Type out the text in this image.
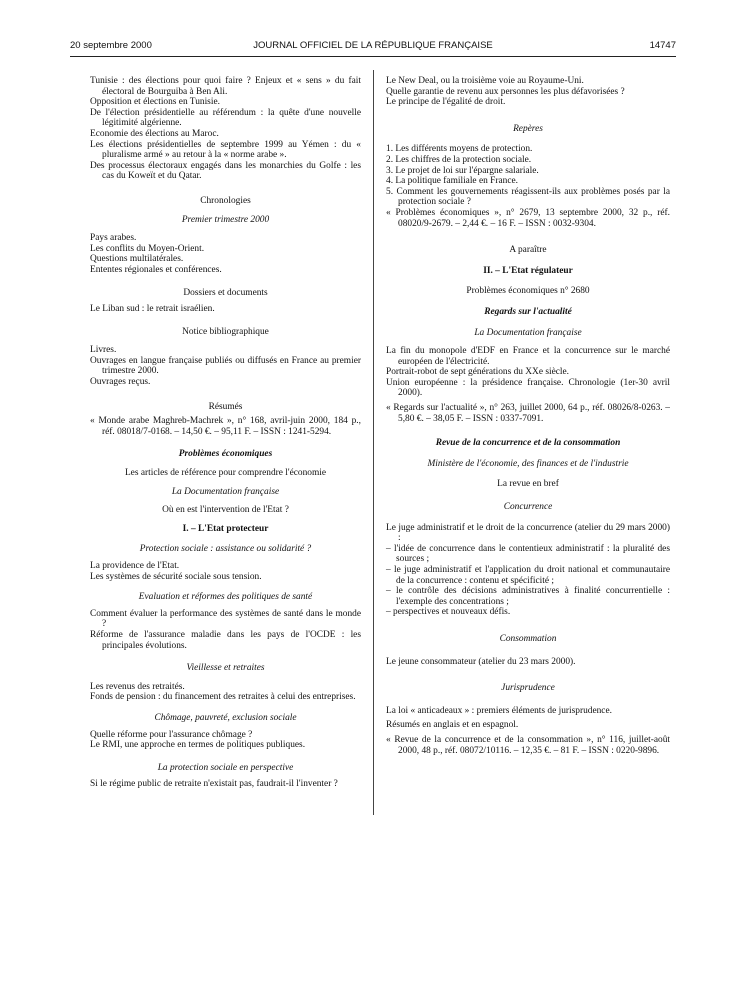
20 septembre 2000	JOURNAL OFFICIEL DE LA RÉPUBLIQUE FRANÇAISE	14747

Tunisie : des élections pour quoi faire ? Enjeux et « sens » du fait électoral de Bourguiba à Ben Ali.

Opposition et élections en Tunisie.

De l'élection présidentielle au référendum : la quête d'une nouvelle légitimité algérienne.

Economie des élections au Maroc.

Les élections présidentielles de septembre 1999 au Yémen : du « pluralisme armé » au retour à la « norme arabe ».

Des processus électoraux engagés dans les monarchies du Golfe : les cas du Koweït et du Qatar.

Chronologies

Premier trimestre 2000

Pays arabes.

Les conflits du Moyen-Orient.

Questions multilatérales.

Ententes régionales et conférences.

Dossiers et documents

Le Liban sud : le retrait israélien.

Notice bibliographique

Livres.

Ouvrages en langue française publiés ou diffusés en France au premier trimestre 2000.

Ouvrages reçus.

Résumés

« Monde arabe Maghreb-Machrek », n° 168, avril-juin 2000, 184 p., réf. 08018/7-0168. – 14,50 €. – 95,11 F. – ISSN : 1241-5294.

Problèmes économiques

Les articles de référence pour comprendre l'économie

La Documentation française

Où en est l'intervention de l'Etat ?

I. – L'Etat protecteur

Protection sociale : assistance ou solidarité ?

La providence de l'Etat.

Les systèmes de sécurité sociale sous tension.

Evaluation et réformes des politiques de santé

Comment évaluer la performance des systèmes de santé dans le monde ?

Réforme de l'assurance maladie dans les pays de l'OCDE : les principales évolutions.

Vieillesse et retraites

Les revenus des retraités.

Fonds de pension : du financement des retraites à celui des entreprises.

Chômage, pauvreté, exclusion sociale

Quelle réforme pour l'assurance chômage ?

Le RMI, une approche en termes de politiques publiques.

La protection sociale en perspective

Si le régime public de retraite n'existait pas, faudrait-il l'inventer ?

Le New Deal, ou la troisième voie au Royaume-Uni.

Quelle garantie de revenu aux personnes les plus défavorisées ?

Le principe de l'égalité de droit.

Repères

1. Les différents moyens de protection.

2. Les chiffres de la protection sociale.

3. Le projet de loi sur l'épargne salariale.

4. La politique familiale en France.

5. Comment les gouvernements réagissent-ils aux problèmes posés par la protection sociale ?

« Problèmes économiques », n° 2679, 13 septembre 2000, 32 p., réf. 08020/9-2679. – 2,44 €. – 16 F. – ISSN : 0032-9304.

A paraître

II. – L'Etat régulateur

Problèmes économiques n° 2680

Regards sur l'actualité

La Documentation française

La fin du monopole d'EDF en France et la concurrence sur le marché européen de l'électricité.

Portrait-robot de sept générations du XXe siècle.

Union européenne : la présidence française. Chronologie (1er-30 avril 2000).

« Regards sur l'actualité », n° 263, juillet 2000, 64 p., réf. 08026/8-0263. – 5,80 €. – 38,05 F. – ISSN : 0337-7091.

Revue de la concurrence et de la consommation

Ministère de l'économie, des finances et de l'industrie

La revue en bref

Concurrence

Le juge administratif et le droit de la concurrence (atelier du 29 mars 2000) :

– l'idée de concurrence dans le contentieux administratif : la pluralité des sources ;

– le juge administratif et l'application du droit national et communautaire de la concurrence : contenu et spécificité ;

– le contrôle des décisions administratives à finalité concurrentielle : l'exemple des concentrations ;

– perspectives et nouveaux défis.

Consommation

Le jeune consommateur (atelier du 23 mars 2000).

Jurisprudence

La loi « anticadeaux » : premiers éléments de jurisprudence.

Résumés en anglais et en espagnol.

« Revue de la concurrence et de la consommation », n° 116, juillet-août 2000, 48 p., réf. 08072/10116. – 12,35 €. – 81 F. – ISSN : 0220-9896.
